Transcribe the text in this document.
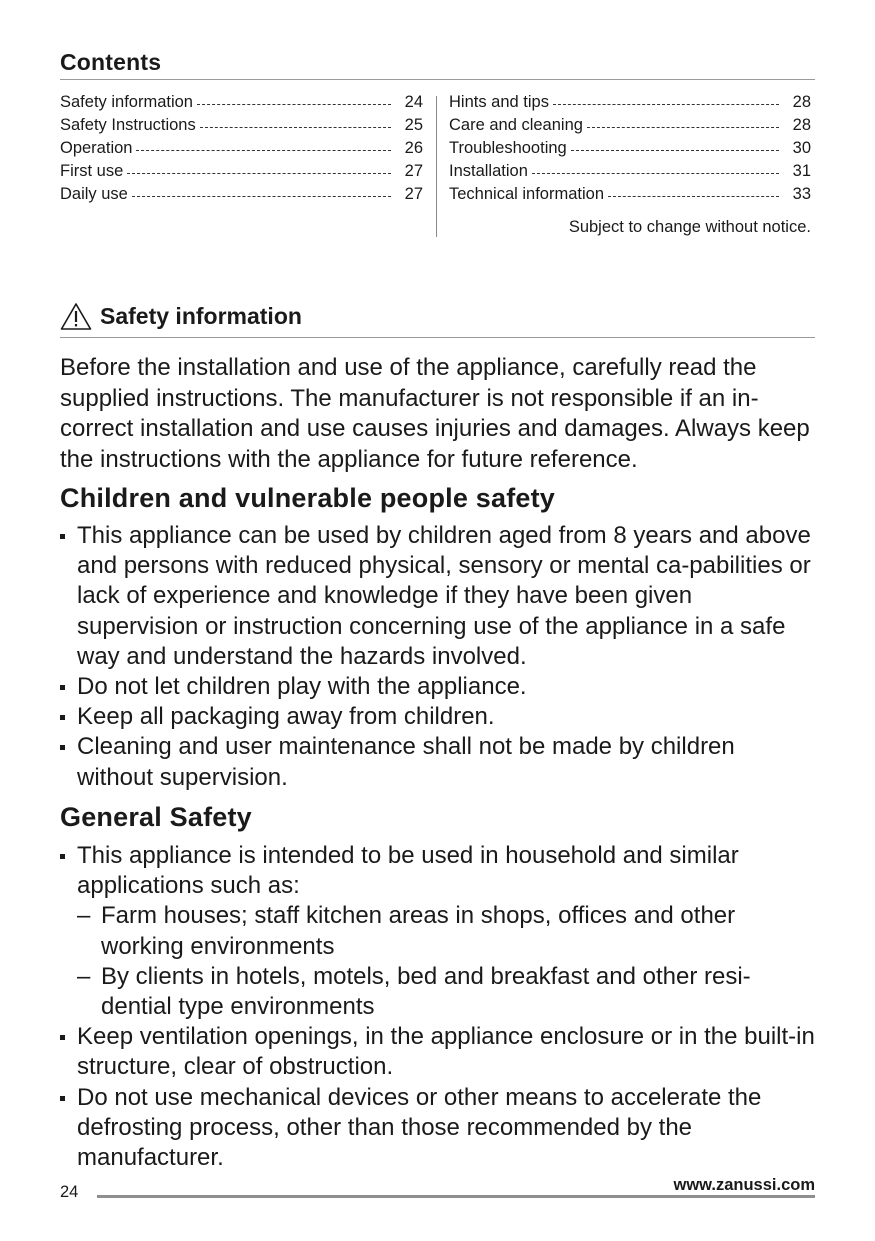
Contents
Safety information	24
Safety Instructions	25
Operation	26
First use	27
Daily use	27
Hints and tips	28
Care and cleaning	28
Troubleshooting	30
Installation	31
Technical information	33
Subject to change without notice.
Safety information
Before the installation and use of the appliance, carefully read the supplied instructions. The manufacturer is not responsible if an in-correct installation and use causes injuries and damages. Always keep the instructions with the appliance for future reference.
Children and vulnerable people safety
This appliance can be used by children aged from 8 years and above and persons with reduced physical, sensory or mental ca-pabilities or lack of experience and knowledge if they have been given supervision or instruction concerning use of the appliance in a safe way and understand the hazards involved.
Do not let children play with the appliance.
Keep all packaging away from children.
Cleaning and user maintenance shall not be made by children without supervision.
General Safety
This appliance is intended to be used in household and similar applications such as:
– Farm houses; staff kitchen areas in shops, offices and other working environments
– By clients in hotels, motels, bed and breakfast and other resi-dential type environments
Keep ventilation openings, in the appliance enclosure or in the built-in structure, clear of obstruction.
Do not use mechanical devices or other means to accelerate the defrosting process, other than those recommended by the manufacturer.
24	www.zanussi.com
